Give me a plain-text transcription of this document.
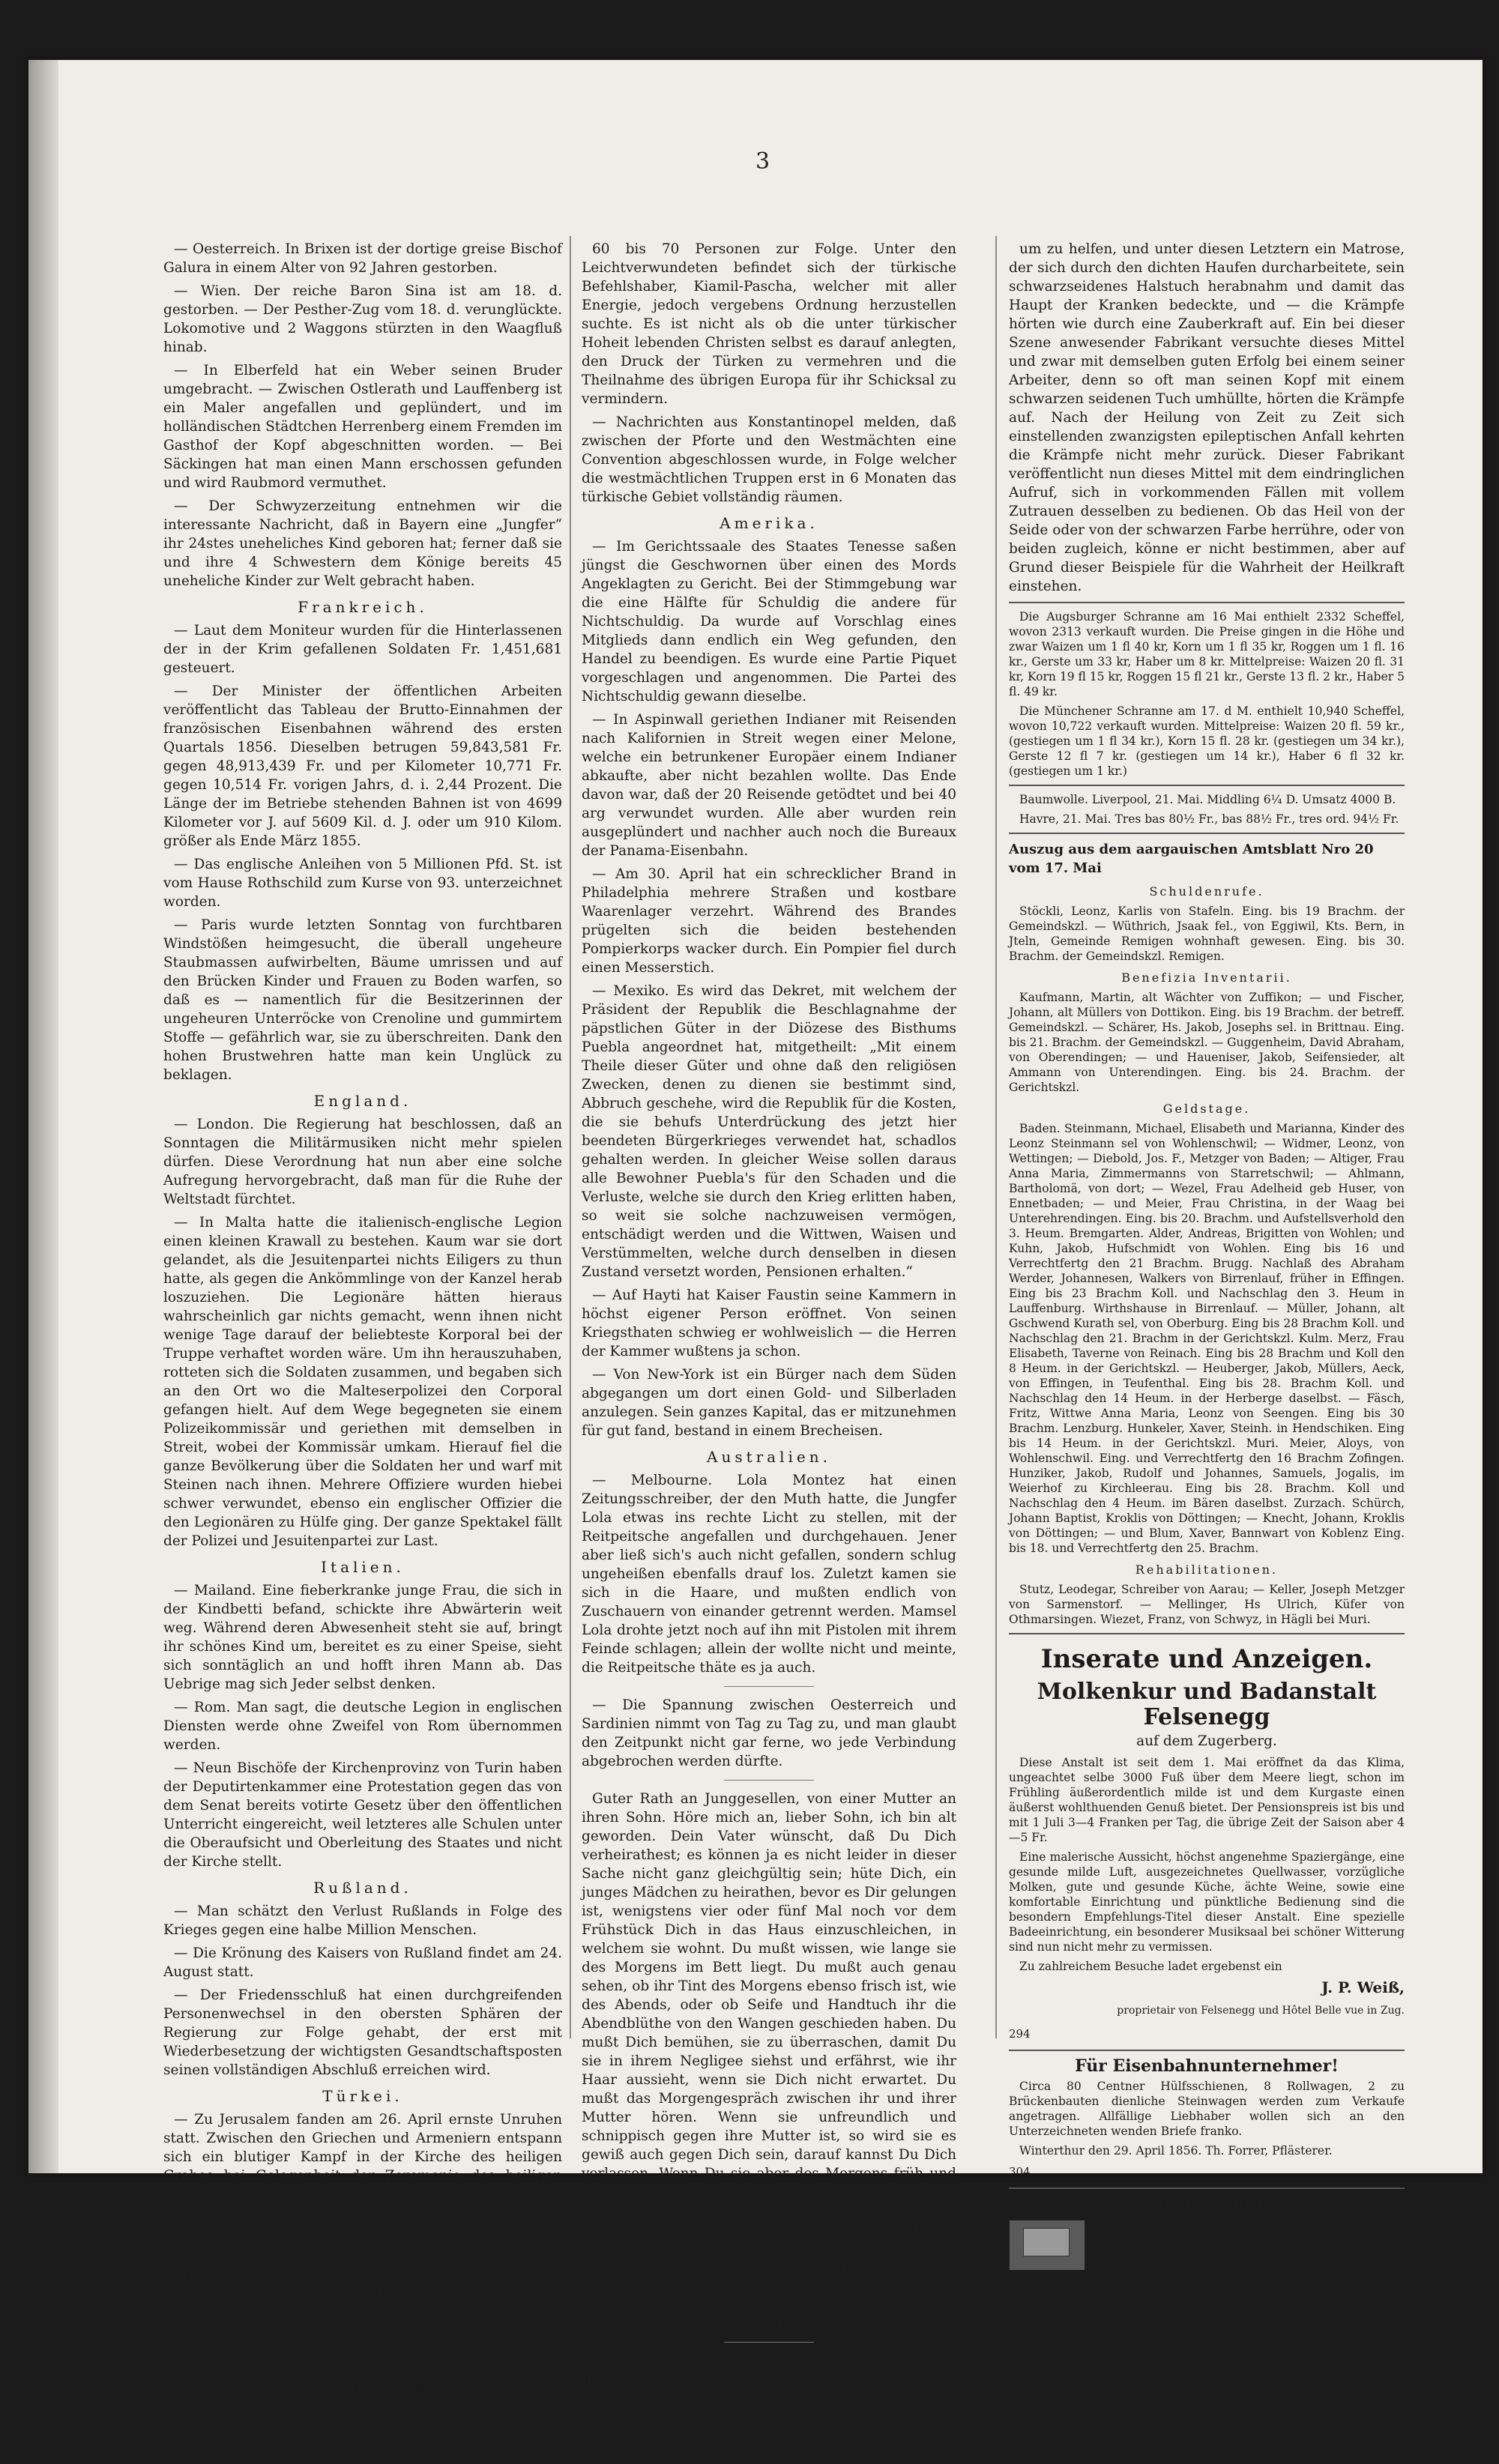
3

— Oesterreich. In Brixen ist der dortige greise Bischof Galura in einem Alter von 92 Jahren gestorben.

— Wien. Der reiche Baron Sina ist am 18. d. gestorben. — Der Pesther-Zug vom 18. d. verunglückte. Lokomotive und 2 Waggons stürzten in den Waagfluß hinab.

— In Elberfeld hat ein Weber seinen Bruder umgebracht. — Zwischen Ostlerath und Lauffenberg ist ein Maler angefallen und geplündert, und im holländischen Städtchen Herrenberg einem Fremden im Gasthof der Kopf abgeschnitten worden. — Bei Säckingen hat man einen Mann erschossen gefunden und wird Raubmord vermuthet.

— Der Schwyzerzeitung entnehmen wir die interessante Nachricht, daß in Bayern eine „Jungfer“ ihr 24stes uneheliches Kind geboren hat; ferner daß sie und ihre 4 Schwestern dem Könige bereits 45 uneheliche Kinder zur Welt gebracht haben.

Frankreich.

— Laut dem Moniteur wurden für die Hinterlassenen der in der Krim gefallenen Soldaten Fr. 1,451,681 gesteuert.

— Der Minister der öffentlichen Arbeiten veröffentlicht das Tableau der Brutto-Einnahmen der französischen Eisenbahnen während des ersten Quartals 1856. Dieselben betrugen 59,843,581 Fr. gegen 48,913,439 Fr. und per Kilometer 10,771 Fr. gegen 10,514 Fr. vorigen Jahrs, d. i. 2,44 Prozent. Die Länge der im Betriebe stehenden Bahnen ist von 4699 Kilometer vor J. auf 5609 Kil. d. J. oder um 910 Kilom. größer als Ende März 1855.

— Das englische Anleihen von 5 Millionen Pfd. St. ist vom Hause Rothschild zum Kurse von 93. unterzeichnet worden.

— Paris wurde letzten Sonntag von furchtbaren Windstößen heimgesucht, die überall ungeheure Staubmassen aufwirbelten, Bäume umrissen und auf den Brücken Kinder und Frauen zu Boden warfen, so daß es — namentlich für die Besitzerinnen der ungeheuren Unterröcke von Crenoline und gummirtem Stoffe — gefährlich war, sie zu überschreiten. Dank den hohen Brustwehren hatte man kein Unglück zu beklagen.

England.

— London. Die Regierung hat beschlossen, daß an Sonntagen die Militärmusiken nicht mehr spielen dürfen. Diese Verordnung hat nun aber eine solche Aufregung hervorgebracht, daß man für die Ruhe der Weltstadt fürchtet.

— In Malta hatte die italienisch-englische Legion einen kleinen Krawall zu bestehen. Kaum war sie dort gelandet, als die Jesuitenpartei nichts Eiligers zu thun hatte, als gegen die Ankömmlinge von der Kanzel herab loszuziehen. Die Legionäre hätten hieraus wahrscheinlich gar nichts gemacht, wenn ihnen nicht wenige Tage darauf der beliebteste Korporal bei der Truppe verhaftet worden wäre. Um ihn herauszuhaben, rotteten sich die Soldaten zusammen, und begaben sich an den Ort wo die Malteserpolizei den Corporal gefangen hielt. Auf dem Wege begegneten sie einem Polizeikommissär und geriethen mit demselben in Streit, wobei der Kommissär umkam. Hierauf fiel die ganze Bevölkerung über die Soldaten her und warf mit Steinen nach ihnen. Mehrere Offiziere wurden hiebei schwer verwundet, ebenso ein englischer Offizier die den Legionären zu Hülfe ging. Der ganze Spektakel fällt der Polizei und Jesuitenpartei zur Last.

Italien.

— Mailand. Eine fieberkranke junge Frau, die sich in der Kindbetti befand, schickte ihre Abwärterin weit weg. Während deren Abwesenheit steht sie auf, bringt ihr schönes Kind um, bereitet es zu einer Speise, sieht sich sonntäglich an und hofft ihren Mann ab. Das Uebrige mag sich Jeder selbst denken.

— Rom. Man sagt, die deutsche Legion in englischen Diensten werde ohne Zweifel von Rom übernommen werden.

— Neun Bischöfe der Kirchenprovinz von Turin haben der Deputirtenkammer eine Protestation gegen das von dem Senat bereits votirte Gesetz über den öffentlichen Unterricht eingereicht, weil letzteres alle Schulen unter die Oberaufsicht und Oberleitung des Staates und nicht der Kirche stellt.

Rußland.

— Man schätzt den Verlust Rußlands in Folge des Krieges gegen eine halbe Million Menschen.

— Die Krönung des Kaisers von Rußland findet am 24. August statt.

— Der Friedensschluß hat einen durchgreifenden Personenwechsel in den obersten Sphären der Regierung zur Folge gehabt, der erst mit Wiederbesetzung der wichtigsten Gesandtschaftsposten seinen vollständigen Abschluß erreichen wird.

Türkei.

— Zu Jerusalem fanden am 26. April ernste Unruhen statt. Zwischen den Griechen und Armeniern entspann sich ein blutiger Kampf in der Kirche des heiligen Grabes bei Gelegenheit der Zeremonie des heiligen Feuers! Die Behörde ergriff Maßregeln, um die Wiederholung der traurigen Szenen zu verhindern und den möglichen Akten der Rache vorzubeugen.

— Dem Pariser „Pays“ wird in einem Briefe vom 27. April aus Jerusalem Näheres über die vor Tage vorher daselbst stattgehabten Unruhen mitgetheilt. Leider waren es diesmal Christen unter einander selbst, welche die Ursache dieser traurigen Szenen veranlaßten, denen man sonst den türkischen Fanatismus anzuklagen gewohnt ist. Der Kampf entspann sich zwischen griechischen und armenischen Schismatikern in der heiligen Grabkirche und hatte die Verwundung von

60 bis 70 Personen zur Folge. Unter den Leichtverwundeten befindet sich der türkische Befehlshaber, Kiamil-Pascha, welcher mit aller Energie, jedoch vergebens Ordnung herzustellen suchte. Es ist nicht als ob die unter türkischer Hoheit lebenden Christen selbst es darauf anlegten, den Druck der Türken zu vermehren und die Theilnahme des übrigen Europa für ihr Schicksal zu vermindern.

— Nachrichten aus Konstantinopel melden, daß zwischen der Pforte und den Westmächten eine Convention abgeschlossen wurde, in Folge welcher die westmächtlichen Truppen erst in 6 Monaten das türkische Gebiet vollständig räumen.

Amerika.

— Im Gerichtssaale des Staates Tenesse saßen jüngst die Geschwornen über einen des Mords Angeklagten zu Gericht. Bei der Stimmgebung war die eine Hälfte für Schuldig die andere für Nichtschuldig. Da wurde auf Vorschlag eines Mitglieds dann endlich ein Weg gefunden, den Handel zu beendigen. Es wurde eine Partie Piquet vorgeschlagen und angenommen. Die Partei des Nichtschuldig gewann dieselbe.

— In Aspinwall geriethen Indianer mit Reisenden nach Kalifornien in Streit wegen einer Melone, welche ein betrunkener Europäer einem Indianer abkaufte, aber nicht bezahlen wollte. Das Ende davon war, daß der 20 Reisende getödtet und bei 40 arg verwundet wurden. Alle aber wurden rein ausgeplündert und nachher auch noch die Bureaux der Panama-Eisenbahn.

— Am 30. April hat ein schrecklicher Brand in Philadelphia mehrere Straßen und kostbare Waarenlager verzehrt. Während des Brandes prügelten sich die beiden bestehenden Pompierkorps wacker durch. Ein Pompier fiel durch einen Messerstich.

— Mexiko. Es wird das Dekret, mit welchem der Präsident der Republik die Beschlagnahme der päpstlichen Güter in der Diözese des Bisthums Puebla angeordnet hat, mitgetheilt: „Mit einem Theile dieser Güter und ohne daß den religiösen Zwecken, denen zu dienen sie bestimmt sind, Abbruch geschehe, wird die Republik für die Kosten, die sie behufs Unterdrückung des jetzt hier beendeten Bürgerkrieges verwendet hat, schadlos gehalten werden. In gleicher Weise sollen daraus alle Bewohner Puebla's für den Schaden und die Verluste, welche sie durch den Krieg erlitten haben, so weit sie solche nachzuweisen vermögen, entschädigt werden und die Wittwen, Waisen und Verstümmelten, welche durch denselben in diesen Zustand versetzt worden, Pensionen erhalten.“

— Auf Hayti hat Kaiser Faustin seine Kammern in höchst eigener Person eröffnet. Von seinen Kriegsthaten schwieg er wohlweislich — die Herren der Kammer wußtens ja schon.

— Von New-York ist ein Bürger nach dem Süden abgegangen um dort einen Gold- und Silberladen anzulegen. Sein ganzes Kapital, das er mitzunehmen für gut fand, bestand in einem Brecheisen.

Australien.

— Melbourne. Lola Montez hat einen Zeitungsschreiber, der den Muth hatte, die Jungfer Lola etwas ins rechte Licht zu stellen, mit der Reitpeitsche angefallen und durchgehauen. Jener aber ließ sich's auch nicht gefallen, sondern schlug ungeheißen ebenfalls drauf los. Zuletzt kamen sie sich in die Haare, und mußten endlich von Zuschauern von einander getrennt werden. Mamsel Lola drohte jetzt noch auf ihn mit Pistolen mit ihrem Feinde schlagen; allein der wollte nicht und meinte, die Reitpeitsche thäte es ja auch.

— Die Spannung zwischen Oesterreich und Sardinien nimmt von Tag zu Tag zu, und man glaubt den Zeitpunkt nicht gar ferne, wo jede Verbindung abgebrochen werden dürfte.

Guter Rath an Junggesellen, von einer Mutter an ihren Sohn. Höre mich an, lieber Sohn, ich bin alt geworden. Dein Vater wünscht, daß Du Dich verheirathest; es können ja es nicht leider in dieser Sache nicht ganz gleichgültig sein; hüte Dich, ein junges Mädchen zu heirathen, bevor es Dir gelungen ist, wenigstens vier oder fünf Mal noch vor dem Frühstück Dich in das Haus einzuschleichen, in welchem sie wohnt. Du mußt wissen, wie lange sie des Morgens im Bett liegt. Du mußt auch genau sehen, ob ihr Tint des Morgens ebenso frisch ist, wie des Abends, oder ob Seife und Handtuch ihr die Abendblüthe von den Wangen geschieden haben. Du mußt Dich bemühen, sie zu überraschen, damit Du sie in ihrem Negligee siehst und erfährst, wie ihr Haar aussieht, wenn sie Dich nicht erwartet. Du mußt das Morgengespräch zwischen ihr und ihrer Mutter hören. Wenn sie unfreundlich und schnippisch gegen ihre Mutter ist, so wird sie es gewiß auch gegen Dich sein, darauf kannst Du Dich verlassen. Wenn Du sie aber des Morgens früh und schon sauber gekleidet, mit demselben Gesicht, demselben Lächeln, demselben nett gekämmten Haar, demselben bereitwilligen und freundlichen Antworten gegen ihre Mutter, welche sie am Abend auszeichnete — findest, wenn sie mithülflich ist, das Frühstück zu rechter Zeit fertig zu bringen — dann ist sie ein Juwel, mein lieber Sohn, und je eher Du sie zu gewinnen suchst, desto besser für Dich.

Heilung der Epilepsie (fallendes Weh). Die französische Zeitschrift „La Normandie“ berichtet folgende seltsame Kur der Epilepsie. In der Stadt Oporto wurde auf der Straße ein Frauenzimmer von der Epilepsie befallen. Nun strömten Viele herbei, theils aus Neugierde, theils

um zu helfen, und unter diesen Letztern ein Matrose, der sich durch den dichten Haufen durcharbeitete, sein schwarzseidenes Halstuch herabnahm und damit das Haupt der Kranken bedeckte, und — die Krämpfe hörten wie durch eine Zauberkraft auf. Ein bei dieser Szene anwesender Fabrikant versuchte dieses Mittel und zwar mit demselben guten Erfolg bei einem seiner Arbeiter, denn so oft man seinen Kopf mit einem schwarzen seidenen Tuch umhüllte, hörten die Krämpfe auf. Nach der Heilung von Zeit zu Zeit sich einstellenden zwanzigsten epileptischen Anfall kehrten die Krämpfe nicht mehr zurück. Dieser Fabrikant veröffentlicht nun dieses Mittel mit dem eindringlichen Aufruf, sich in vorkommenden Fällen mit vollem Zutrauen desselben zu bedienen. Ob das Heil von der Seide oder von der schwarzen Farbe herrühre, oder von beiden zugleich, könne er nicht bestimmen, aber auf Grund dieser Beispiele für die Wahrheit der Heilkraft einstehen.

Die Augsburger Schranne am 16 Mai enthielt 2332 Scheffel, wovon 2313 verkauft wurden. Die Preise gingen in die Höhe und zwar Waizen um 1 fl 40 kr, Korn um 1 fl 35 kr, Roggen um 1 fl. 16 kr., Gerste um 33 kr, Haber um 8 kr. Mittelpreise: Waizen 20 fl. 31 kr, Korn 19 fl 15 kr, Roggen 15 fl 21 kr., Gerste 13 fl. 2 kr., Haber 5 fl. 49 kr.

Die Münchener Schranne am 17. d M. enthielt 10,940 Scheffel, wovon 10,722 verkauft wurden. Mittelpreise: Waizen 20 fl. 59 kr., (gestiegen um 1 fl 34 kr.), Korn 15 fl. 28 kr. (gestiegen um 34 kr.), Gerste 12 fl 7 kr. (gestiegen um 14 kr.), Haber 6 fl 32 kr. (gestiegen um 1 kr.)

Baumwolle. Liverpool, 21. Mai. Middling 6¼ D. Umsatz 4000 B.

Havre, 21. Mai. Tres bas 80½ Fr., bas 88½ Fr., tres ord. 94½ Fr.

Auszug aus dem aargauischen Amtsblatt Nro 20 vom 17. Mai
Schuldenrufe.

Stöckli, Leonz, Karlis von Stafeln. Eing. bis 19 Brachm. der Gemeindskzl. — Wüthrich, Jsaak fel., von Eggiwil, Kts. Bern, in Jteln, Gemeinde Remigen wohnhaft gewesen. Eing. bis 30. Brachm. der Gemeindskzl. Remigen.

Benefizia Inventarii.

Kaufmann, Martin, alt Wächter von Zuffikon; — und Fischer, Johann, alt Müllers von Dottikon. Eing. bis 19 Brachm. der betreff. Gemeindskzl. — Schärer, Hs. Jakob, Josephs sel. in Brittnau. Eing. bis 21. Brachm. der Gemeindskzl. — Guggenheim, David Abraham, von Oberendingen; — und Haueniser, Jakob, Seifensieder, alt Ammann von Unterendingen. Eing. bis 24. Brachm. der Gerichtskzl.

Geldstage.

Baden. Steinmann, Michael, Elisabeth und Marianna, Kinder des Leonz Steinmann sel von Wohlenschwil; — Widmer, Leonz, von Wettingen; — Diebold, Jos. F., Metzger von Baden; — Altiger, Frau Anna Maria, Zimmermanns von Starretschwil; — Ahlmann, Bartholomä, von dort; — Wezel, Frau Adelheid geb Huser, von Ennetbaden; — und Meier, Frau Christina, in der Waag bei Unterehrendingen. Eing. bis 20. Brachm. und Aufstellsverhold den 3. Heum. Bremgarten. Alder, Andreas, Brigitten von Wohlen; und Kuhn, Jakob, Hufschmidt von Wohlen. Eing bis 16 und Verrechtfertg den 21 Brachm. Brugg. Nachlaß des Abraham Werder, Johannesen, Walkers von Birrenlauf, früher in Effingen. Eing bis 23 Brachm Koll. und Nachschlag den 3. Heum in Lauffenburg. Wirthshause in Birrenlauf. — Müller, Johann, alt Gschwend Kurath sel, von Oberburg. Eing bis 28 Brachm Koll. und Nachschlag den 21. Brachm in der Gerichtskzl. Kulm. Merz, Frau Elisabeth, Taverne von Reinach. Eing bis 28 Brachm und Koll den 8 Heum. in der Gerichtskzl. — Heuberger, Jakob, Müllers, Aeck, von Effingen, in Teufenthal. Eing bis 28. Brachm Koll. und Nachschlag den 14 Heum. in der Herberge daselbst. — Fäsch, Fritz, Wittwe Anna Maria, Leonz von Seengen. Eing bis 30 Brachm. Lenzburg. Hunkeler, Xaver, Steinh. in Hendschiken. Eing bis 14 Heum. in der Gerichtskzl. Muri. Meier, Aloys, von Wohlenschwil. Eing. und Verrechtfertg den 16 Brachm Zofingen. Hunziker, Jakob, Rudolf und Johannes, Samuels, Jogalis, im Weierhof zu Kirchleerau. Eing bis 28. Brachm. Koll und Nachschlag den 4 Heum. im Bären daselbst. Zurzach. Schürch, Johann Baptist, Kroklis von Döttingen; — Knecht, Johann, Kroklis von Döttingen; — und Blum, Xaver, Bannwart von Koblenz Eing. bis 18. und Verrechtfertg den 25. Brachm.

Rehabilitationen.

Stutz, Leodegar, Schreiber von Aarau; — Keller, Joseph Metzger von Sarmenstorf. — Mellinger, Hs Ulrich, Küfer von Othmarsingen. Wiezet, Franz, von Schwyz, in Hägli bei Muri.

Inserate und Anzeigen.
Molkenkur und Badanstalt Felsenegg

auf dem Zugerberg.

Diese Anstalt ist seit dem 1. Mai eröffnet da das Klima, ungeachtet selbe 3000 Fuß über dem Meere liegt, schon im Frühling äußerordentlich milde ist und dem Kurgaste einen äußerst wohlthuenden Genuß bietet. Der Pensionspreis ist bis und mit 1 Juli 3—4 Franken per Tag, die übrige Zeit der Saison aber 4—5 Fr.

Eine malerische Aussicht, höchst angenehme Spaziergänge, eine gesunde milde Luft, ausgezeichnetes Quellwasser, vorzügliche Molken, gute und gesunde Küche, ächte Weine, sowie eine komfortable Einrichtung und pünktliche Bedienung sind die besondern Empfehlungs-Titel dieser Anstalt. Eine spezielle Badeeinrichtung, ein besonderer Musiksaal bei schöner Witterung sind nun nicht mehr zu vermissen.

Zu zahlreichem Besuche ladet ergebenst ein

J. P. Weiß,

proprietair von Felsenegg und Hôtel Belle vue in Zug.

294

Für Eisenbahnunternehmer!

Circa 80 Centner Hülfsschienen, 8 Rollwagen, 2 zu Brückenbauten dienliche Steinwagen werden zum Verkaufe angetragen. Allfällige Liebhaber wollen sich an den Unterzeichneten wenden Briefe franko.

Winterthur den 29. April 1856. Th. Forrer, Pflästerer.

304

Zu verkaufen
Ein Wasserwerk in der östlichen Schweiz von wenigstens 80 Pferdekräften, mit durchschnittlich großem Wasser, mit oder ohne Land, mit oder ohne mehrere Gebäulichkeiten. Dasselbe liegt an der Verbindung aller Hauptstraßen in einem Dorfe an einem See und an Eisenbahnen, und in Berührung mit allen Kantonen und einer der schönsten und fruchtbarsten Lagen der Schweiz. Kaufsbedingnisse sind sehr billig. Frankirte Briefe mit der Chiffre Z. 00 besorgt die Expedition dieser Zeitung.

285
